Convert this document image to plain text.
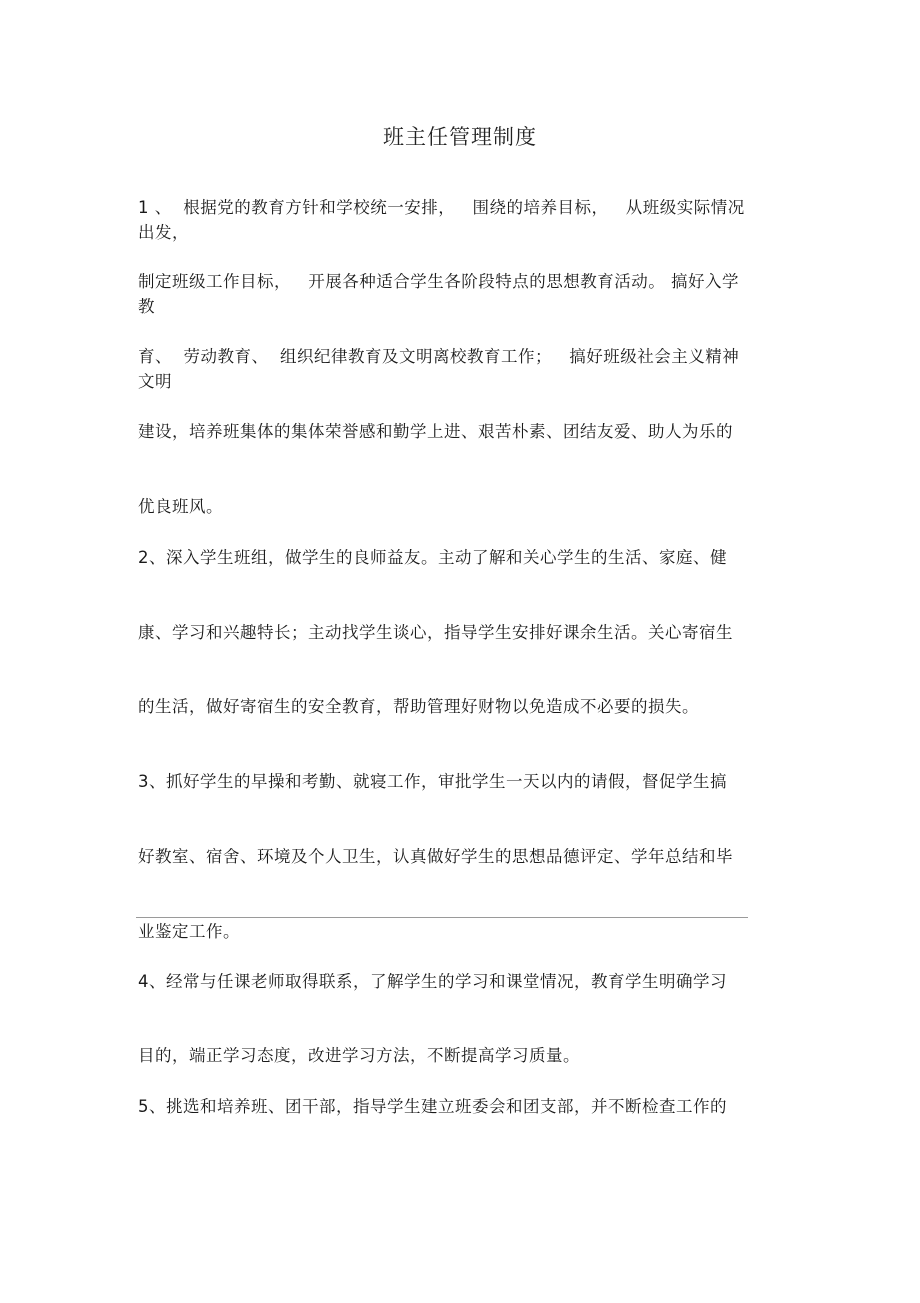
班主任管理制度
1 、  根据党的教育方针和学校统一安排，   围绕的培养目标，   从班级实际情况出发，
制定班级工作目标，   开展各种适合学生各阶段特点的思想教育活动。 搞好入学教
育、  劳动教育、  组织纪律教育及文明离校教育工作；   搞好班级社会主义精神文明
建设，培养班集体的集体荣誉感和勤学上进、艰苦朴素、团结友爱、助人为乐的
优良班风。
2、深入学生班组，做学生的良师益友。主动了解和关心学生的生活、家庭、健
康、学习和兴趣特长；主动找学生谈心，指导学生安排好课余生活。关心寄宿生
的生活，做好寄宿生的安全教育，帮助管理好财物以免造成不必要的损失。
3、抓好学生的早操和考勤、就寝工作，审批学生一天以内的请假，督促学生搞
好教室、宿舍、环境及个人卫生，认真做好学生的思想品德评定、学年总结和毕
业鉴定工作。
4、经常与任课老师取得联系，了解学生的学习和课堂情况，教育学生明确学习
目的，端正学习态度，改进学习方法，不断提高学习质量。
5、挑选和培养班、团干部，指导学生建立班委会和团支部，并不断检查工作的
